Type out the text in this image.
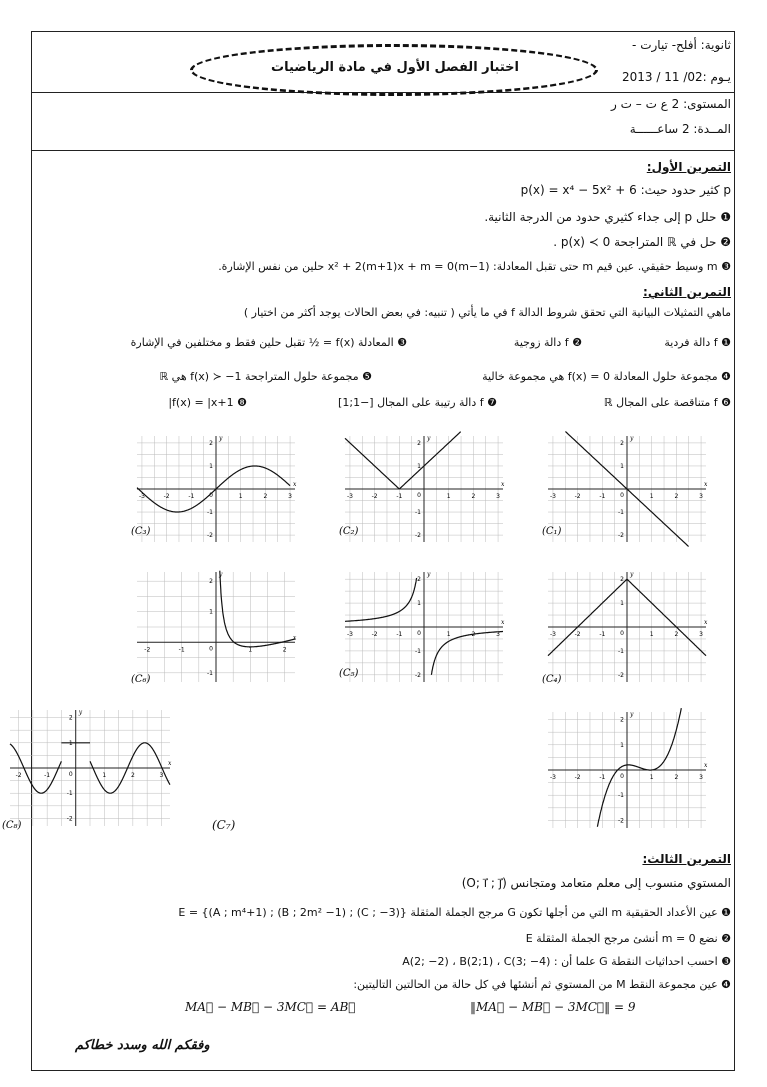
ثانوية: أفلح- تيارت -
يـوم :02/ 11 / 2013
اختبار الفصل الأول في مادة الرياضيات
المستوى: 2 ع ت – ت ر
المــدة: 2 ساعــــــة
التمرين الأول:
p كثير حدود حيث: p(x) = x⁴ − 5x² + 6
❶ حلل p إلى جداء كثيري حدود من الدرجة الثانية.
❷ حل في ℝ المتراجحة p(x) ≺ 0 .
❸ m وسيط حقيقي. عين قيم m حتى تقبل المعادلة: (m−1)x² + 2(m+1)x + m = 0 حلين من نفس الإشارة.
التمرين الثاني:
ماهي التمثيلات البيانية التي تحقق شروط الدالة f في ما يأتي ( تنبيه: في بعض الحالات يوجد أكثر من اختيار )
❶ f دالة فردية
❷ f دالة زوجية
❸ المعادلة f(x) = ½ تقبل حلين فقط و مختلفين في الإشارة
❹ مجموعة حلول المعادلة f(x) = 0 هي مجموعة خالية
❺ مجموعة حلول المتراجحة f(x) ≻ −1 هي ℝ
❻ f متناقصة على المجال ℝ
❼ f دالة رتيبة على المجال [−1;1]
❽ f(x) = |x+1|
-3	-2	-1	1	2	3
-2
-1
1
2
0
y
x
(C₁)
-3	-2	-1	1	2	3
-2
-1
1
2
0
y
x
(C₂)
-3	-2	-1	1	2	3
-2
-1
1
2
0
y
x
(C₃)
-3	-2	-1	1	2	3
-2
-1
1
2
0
y
x
(C₄)
-3	-2	-1	1	2	3
-2
-1
1
2
0
y
x
(C₅)
-2	-1	1	2
-1
1
2
0
y
x
(C₆)
-3	-2	-1	1	2	3
-2
-1
1
2
0
y
x
-2	-1	1	2	3
-2
-1
1
2
0
y
x
(C₈)	(C₇)
التمرين الثالث:
المستوي منسوب إلى معلم متعامد ومتجانس (O; i⃗ ; j⃗)
❶ عين الأعداد الحقيقية m التي من أجلها تكون G مرجح الجملة المثقلة E = {(A ; m⁴+1) ; (B ; 2m² −1) ; (C ; −3)}
❷ نضع m = 0 أنشئ مرجح الجملة المثقلة E
❸ احسب احداثيات النقطة G علما أن : A(2; −2) ، B(2;1) ، C(3; −4)
❹ عين مجموعة النقط M من المستوي ثم أنشئها في كل حالة من الحالتين التاليتين:
‖MA⃗ − MB⃗ − 3MC⃗‖ = 9
MA⃗ − MB⃗ − 3MC⃗ = AB⃗
وفقكم الله وسدد خطاكم
